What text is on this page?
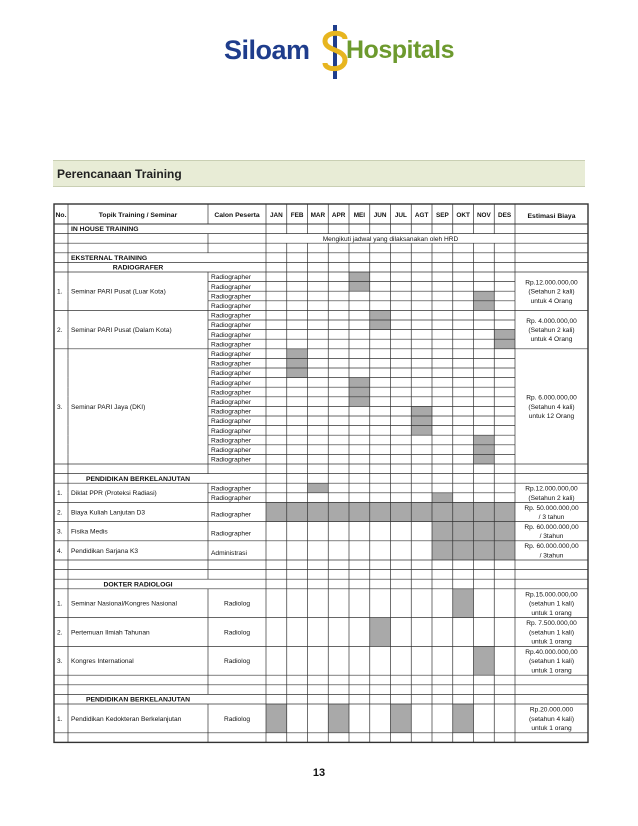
Siloam Hospitals
Perencanaan Training
No.	Topik Training / Seminar	Calon Peserta JAN FEB MAR APR MEI JUN JUL AGT SEP OKT NOV DES Estimasi Biaya
IN HOUSE TRAINING
Mengikuti jadwal yang dilaksanakan oleh HRD
EKSTERNAL TRAINING
RADIOGRAFER
Radiographer
Radiographer
Radiographer
Radiographer
Radiographer
Radiographer
Radiographer
Radiographer
Radiographer
Radiographer
Radiographer
Radiographer
Radiographer
Radiographer
Radiographer
Radiographer
Radiographer
Radiographer
Radiographer
Radiographer
PENDIDIKAN BERKELANJUTAN
Radiographer
Radiographer
Radiographer
Radiographer
Administrasi
DOKTER RADIOLOGI
Radiolog
Radiolog
Radiolog
PENDIDIKAN BERKELANJUTAN
Radiolog
1. Seminar PARI Pusat (Luar Kota)
2. Seminar PARI Pusat (Dalam Kota)
3. Seminar PARI Jaya (DKI)
1. Diklat PPR (Proteksi Radiasi)
2. Biaya Kuliah Lanjutan D3
3. Fisika Medis
4. Pendidikan Sarjana K3
1. Seminar Nasional/Kongres Nasional
2. Pertemuan Ilmiah Tahunan
3. Kongres International
1. Pendidikan Kedokteran Berkelanjutan
Rp.12.000.000,00
(Setahun 2 kali)
untuk 4 Orang
Rp. 4.000.000,00
(Setahun 2 kali)
untuk 4 Orang
Rp. 6.000.000,00
(Setahun 4 kali)
untuk 12 Orang
Rp.12.000.000,00
(Setahun 2 kali)
Rp. 50.000.000,00
/ 3 tahun
Rp. 60.000.000,00
/ 3tahun
Rp. 60.000.000,00
/ 3tahun
Rp.15.000.000,00
(setahun 1 kali)
untuk 1 orang
Rp. 7.500.000,00
(setahun 1 kali)
untuk 1 orang
Rp.40.000.000,00
(setahun 1 kali)
untuk 1 orang
Rp.20.000.000
(setahun 4 kali)
untuk 1 orang
13
